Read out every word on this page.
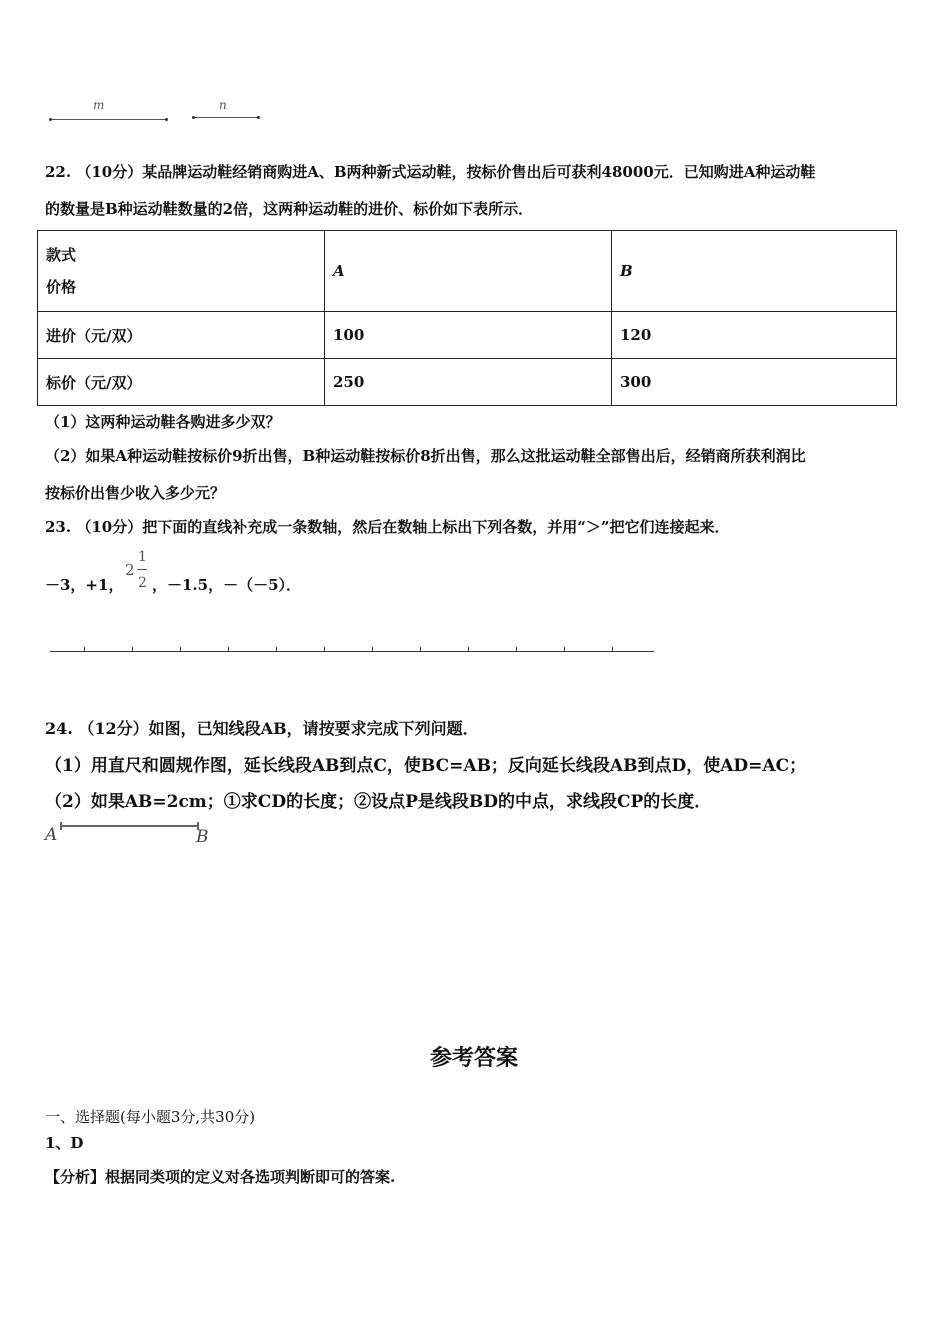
m	n
22. （10分）某品牌运动鞋经销商购进A、B两种新式运动鞋，按标价售出后可获利48000元．已知购进A种运动鞋
的数量是B种运动鞋数量的2倍，这两种运动鞋的进价、标价如下表所示．
款式
价格	A	B
进价（元/双）	100	120
标价（元/双）	250	300
（1）这两种运动鞋各购进多少双？
（2）如果A种运动鞋按标价9折出售，B种运动鞋按标价8折出售，那么这批运动鞋全部售出后，经销商所获利润比
按标价出售少收入多少元？
23. （10分）把下面的直线补充成一条数轴，然后在数轴上标出下列各数，并用“＞”把它们连接起来．
－3，+1，
2
1
2 ，－1.5，－（－5）．
24. （12分）如图，已知线段AB，请按要求完成下列问题．
（1）用直尺和圆规作图，延长线段AB到点C，使BC=AB；反向延长线段AB到点D，使AD=AC；
（2）如果AB=2cm；①求CD的长度；②设点P是线段BD的中点，求线段CP的长度．
A	B
参考答案
一、选择题(每小题3分,共30分)
1、D
【分析】根据同类项的定义对各选项判断即可的答案.
